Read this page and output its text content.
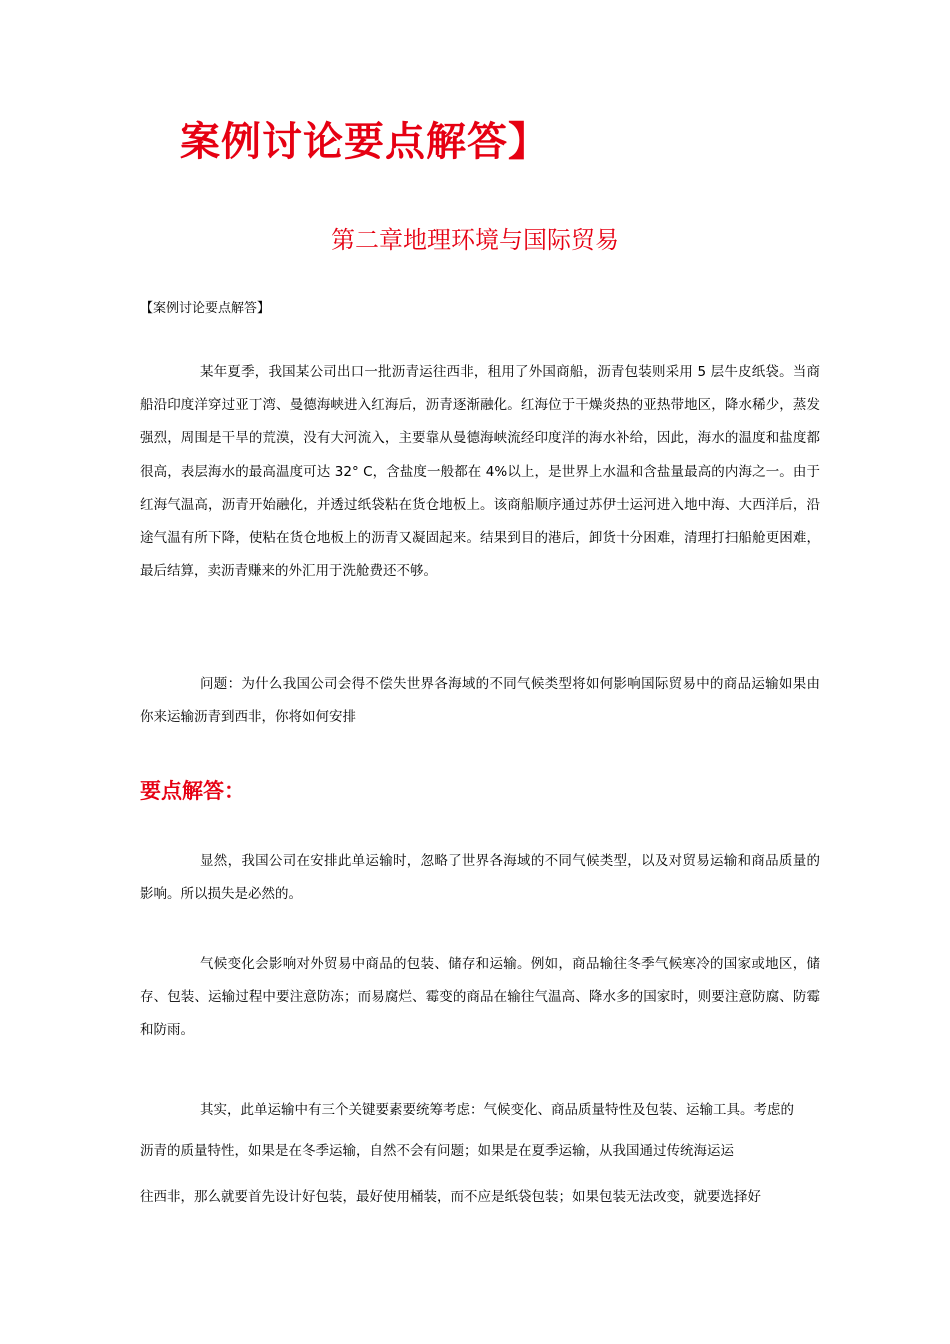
案例讨论要点解答】
第二章地理环境与国际贸易
【案例讨论要点解答】

某年夏季，我国某公司出口一批沥青运往西非，租用了外国商船，沥青包装则采用 5 层牛皮纸袋。当商船沿印度洋穿过亚丁湾、曼德海峡进入红海后，沥青逐渐融化。红海位于干燥炎热的亚热带地区，降水稀少，蒸发强烈，周围是干旱的荒漠，没有大河流入，主要靠从曼德海峡流经印度洋的海水补给，因此，海水的温度和盐度都很高，表层海水的最高温度可达 32° C，含盐度一般都在 4%以上，是世界上水温和含盐量最高的内海之一。由于红海气温高，沥青开始融化，并透过纸袋粘在货仓地板上。该商船顺序通过苏伊士运河进入地中海、大西洋后，沿途气温有所下降，使粘在货仓地板上的沥青又凝固起来。结果到目的港后，卸货十分困难，清理打扫船舱更困难，最后结算，卖沥青赚来的外汇用于洗舱费还不够。

问题：为什么我国公司会得不偿失世界各海域的不同气候类型将如何影响国际贸易中的商品运输如果由你来运输沥青到西非，你将如何安排

要点解答：

显然，我国公司在安排此单运输时，忽略了世界各海域的不同气候类型，以及对贸易运输和商品质量的影响。所以损失是必然的。

气候变化会影响对外贸易中商品的包装、储存和运输。例如，商品输往冬季气候寒冷的国家或地区，储存、包装、运输过程中要注意防冻；而易腐烂、霉变的商品在输往气温高、降水多的国家时，则要注意防腐、防霉和防雨。

其实，此单运输中有三个关键要素要统筹考虑：气候变化、商品质量特性及包装、运输工具。考虑的

沥青的质量特性，如果是在冬季运输，自然不会有问题；如果是在夏季运输，从我国通过传统海运运
往西非，那么就要首先设计好包装，最好使用桶装，而不应是纸袋包装；如果包装无法改变，就要选择好
